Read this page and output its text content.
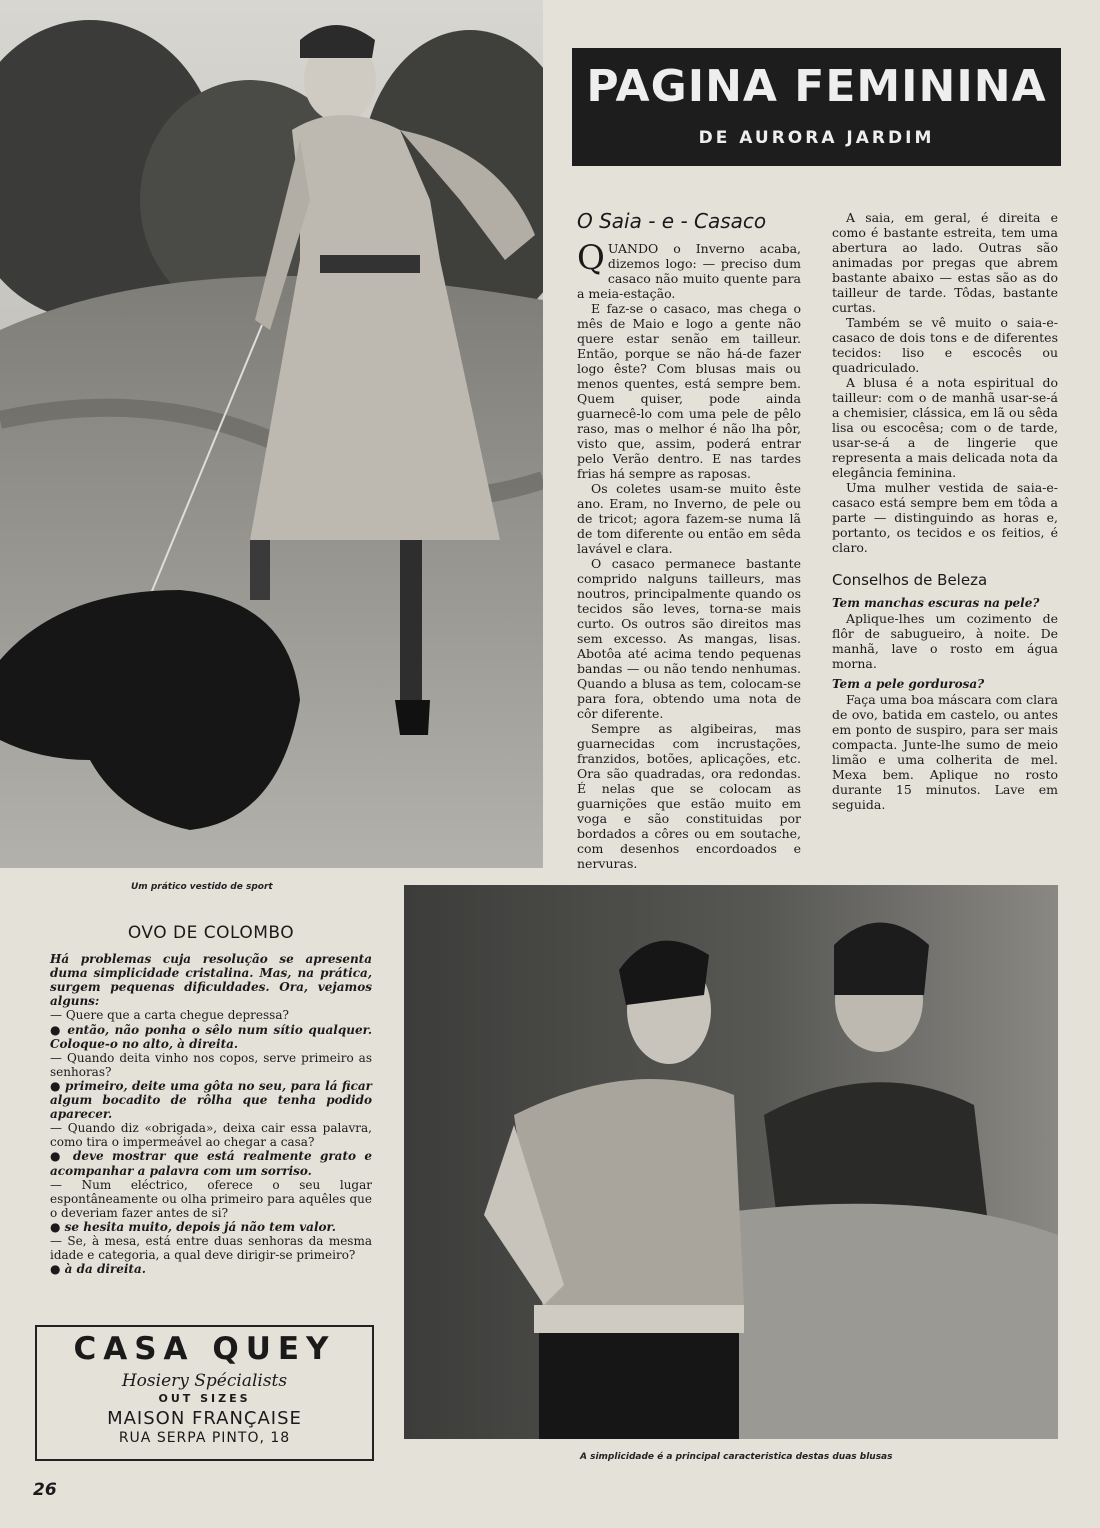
Um prático vestido de sport
PAGINA FEMININA
DE AURORA JARDIM
O Saia - e - Casaco

QUANDO o Inverno acaba, dizemos logo: — preciso dum casaco não muito quente para a meia-estação.

E faz-se o casaco, mas chega o mês de Maio e logo a gente não quere estar senão em tailleur. Então, porque se não há-de fazer logo êste? Com blusas mais ou menos quentes, está sempre bem. Quem quiser, pode ainda guarnecê-lo com uma pele de pêlo raso, mas o melhor é não lha pôr, visto que, assim, poderá entrar pelo Verão dentro. E nas tardes frias há sempre as raposas.

Os coletes usam-se muito êste ano. Eram, no Inverno, de pele ou de tricot; agora fazem-se numa lã de tom diferente ou então em sêda lavável e clara.

O casaco permanece bastante comprido nalguns tailleurs, mas noutros, principalmente quando os tecidos são leves, torna-se mais curto. Os outros são direitos mas sem excesso. As mangas, lisas. Abotôa até acima tendo pequenas bandas — ou não tendo nenhumas. Quando a blusa as tem, colocam-se para fora, obtendo uma nota de côr diferente.

Sempre as algibeiras, mas guarnecidas com incrustações, franzidos, botões, aplicações, etc. Ora são quadradas, ora redondas. É nelas que se colocam as guarnições que estão muito em voga e são constituidas por bordados a côres ou em soutache, com desenhos encordoados e nervuras.

A saia, em geral, é direita e como é bastante estreita, tem uma abertura ao lado. Outras são animadas por pregas que abrem bastante abaixo — estas são as do tailleur de tarde. Tôdas, bastante curtas.

Também se vê muito o saia-e-casaco de dois tons e de diferentes tecidos: liso e escocês ou quadriculado.

A blusa é a nota espiritual do tailleur: com o de manhã usar-se-á a chemisier, clássica, em lã ou sêda lisa ou escocêsa; com o de tarde, usar-se-á a de lingerie que representa a mais delicada nota da elegância feminina.

Uma mulher vestida de saia-e-casaco está sempre bem em tôda a parte — distinguindo as horas e, portanto, os tecidos e os feitios, é claro.

Conselhos de Beleza

Tem manchas escuras na pele?

Aplique-lhes um cozimento de flôr de sabugueiro, à noite. De manhã, lave o rosto em água morna.

Tem a pele gordurosa?

Faça uma boa máscara com clara de ovo, batida em castelo, ou antes em ponto de suspiro, para ser mais compacta. Junte-lhe sumo de meio limão e uma colherita de mel. Mexa bem. Aplique no rosto durante 15 minutos. Lave em seguida.

OVO DE COLOMBO

Há problemas cuja resolução se apresenta duma simplicidade cristalina. Mas, na prática, surgem pequenas dificuldades. Ora, vejamos alguns:

— Quere que a carta chegue depressa?

● então, não ponha o sêlo num sítio qualquer. Coloque-o no alto, à direita.

— Quando deita vinho nos copos, serve primeiro as senhoras?

● primeiro, deite uma gôta no seu, para lá ficar algum bocadito de rôlha que tenha podido aparecer.

— Quando diz «obrigada», deixa cair essa palavra, como tira o impermeável ao chegar a casa?

● deve mostrar que está realmente grato e acompanhar a palavra com um sorriso.

— Num eléctrico, oferece o seu lugar espontâneamente ou olha primeiro para aquêles que o deveriam fazer antes de si?

● se hesita muito, depois já não tem valor.

— Se, à mesa, está entre duas senhoras da mesma idade e categoria, a qual deve dirigir-se primeiro?

● à da direita.

CASA QUEY
Hosiery Spécialists
OUT SIZES
MAISON FRANÇAISE
RUA SERPA PINTO, 18
A simplicidade é a principal caracteristica destas duas blusas
26
